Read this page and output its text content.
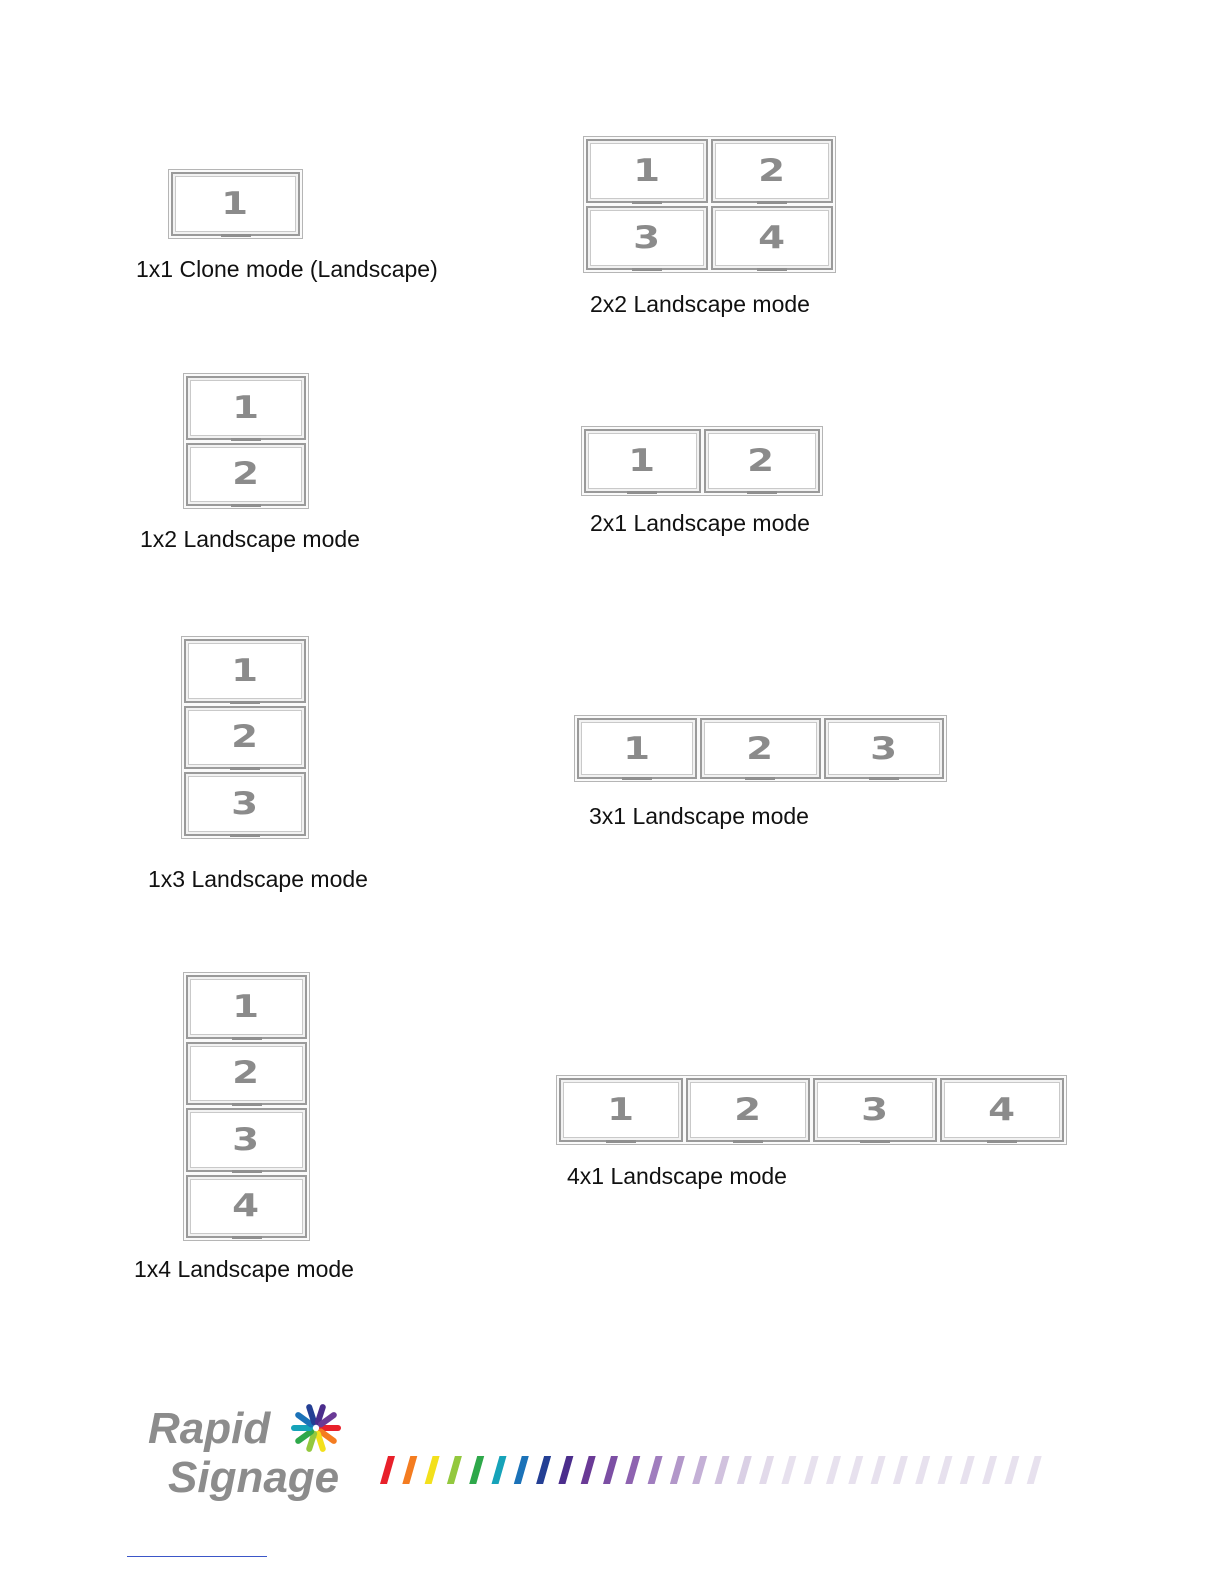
1
1x1 Clone mode (Landscape)
1	2
3	4
2x2 Landscape mode
1
2
1x2 Landscape mode
1	2
2x1 Landscape mode
1
2
3
1x3 Landscape mode
1	2	3
3x1 Landscape mode
1
2
3
4
1x4 Landscape mode
1	2	3	4
4x1 Landscape mode
Rapid
Signage
